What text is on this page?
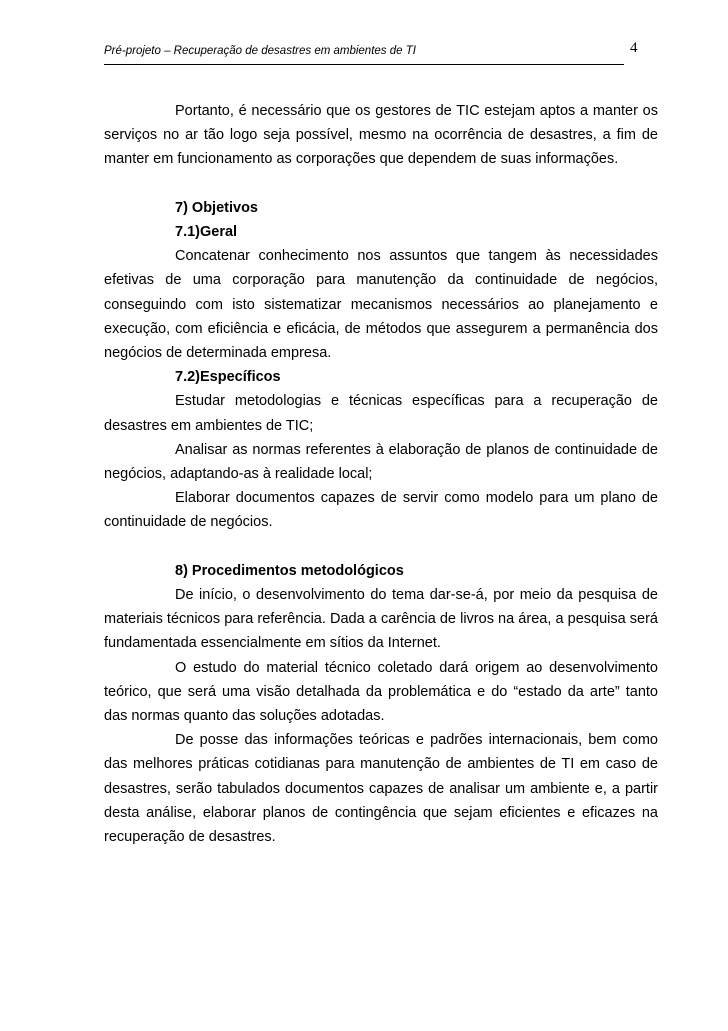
Pré-projeto – Recuperação de desastres em ambientes de TI	4

Portanto, é necessário que os gestores de TIC estejam aptos a manter os serviços no ar tão logo seja possível, mesmo na ocorrência de desastres, a fim de manter em funcionamento as corporações que dependem de suas informações.

7) Objetivos

7.1)Geral

Concatenar conhecimento nos assuntos que tangem às necessidades efetivas de uma corporação para manutenção da continuidade de negócios, conseguindo com isto sistematizar mecanismos necessários ao planejamento e execução, com eficiência e eficácia, de métodos que assegurem a permanência dos negócios de determinada empresa.

7.2)Específicos

Estudar metodologias e técnicas específicas para a recuperação de desastres em ambientes de TIC;

Analisar as normas referentes à elaboração de planos de continuidade de negócios, adaptando-as à realidade local;

Elaborar documentos capazes de servir como modelo para um plano de continuidade de negócios.

8) Procedimentos metodológicos

De início, o desenvolvimento do tema dar-se-á, por meio da pesquisa de materiais técnicos para referência. Dada a carência de livros na área, a pesquisa será fundamentada essencialmente em sítios da Internet.

O estudo do material técnico coletado dará origem ao desenvolvimento teórico, que será uma visão detalhada da problemática e do “estado da arte” tanto das normas quanto das soluções adotadas.

De posse das informações teóricas e padrões internacionais, bem como das melhores práticas cotidianas para manutenção de ambientes de TI em caso de desastres, serão tabulados documentos capazes de analisar um ambiente e, a partir desta análise, elaborar planos de contingência que sejam eficientes e eficazes na recuperação de desastres.
